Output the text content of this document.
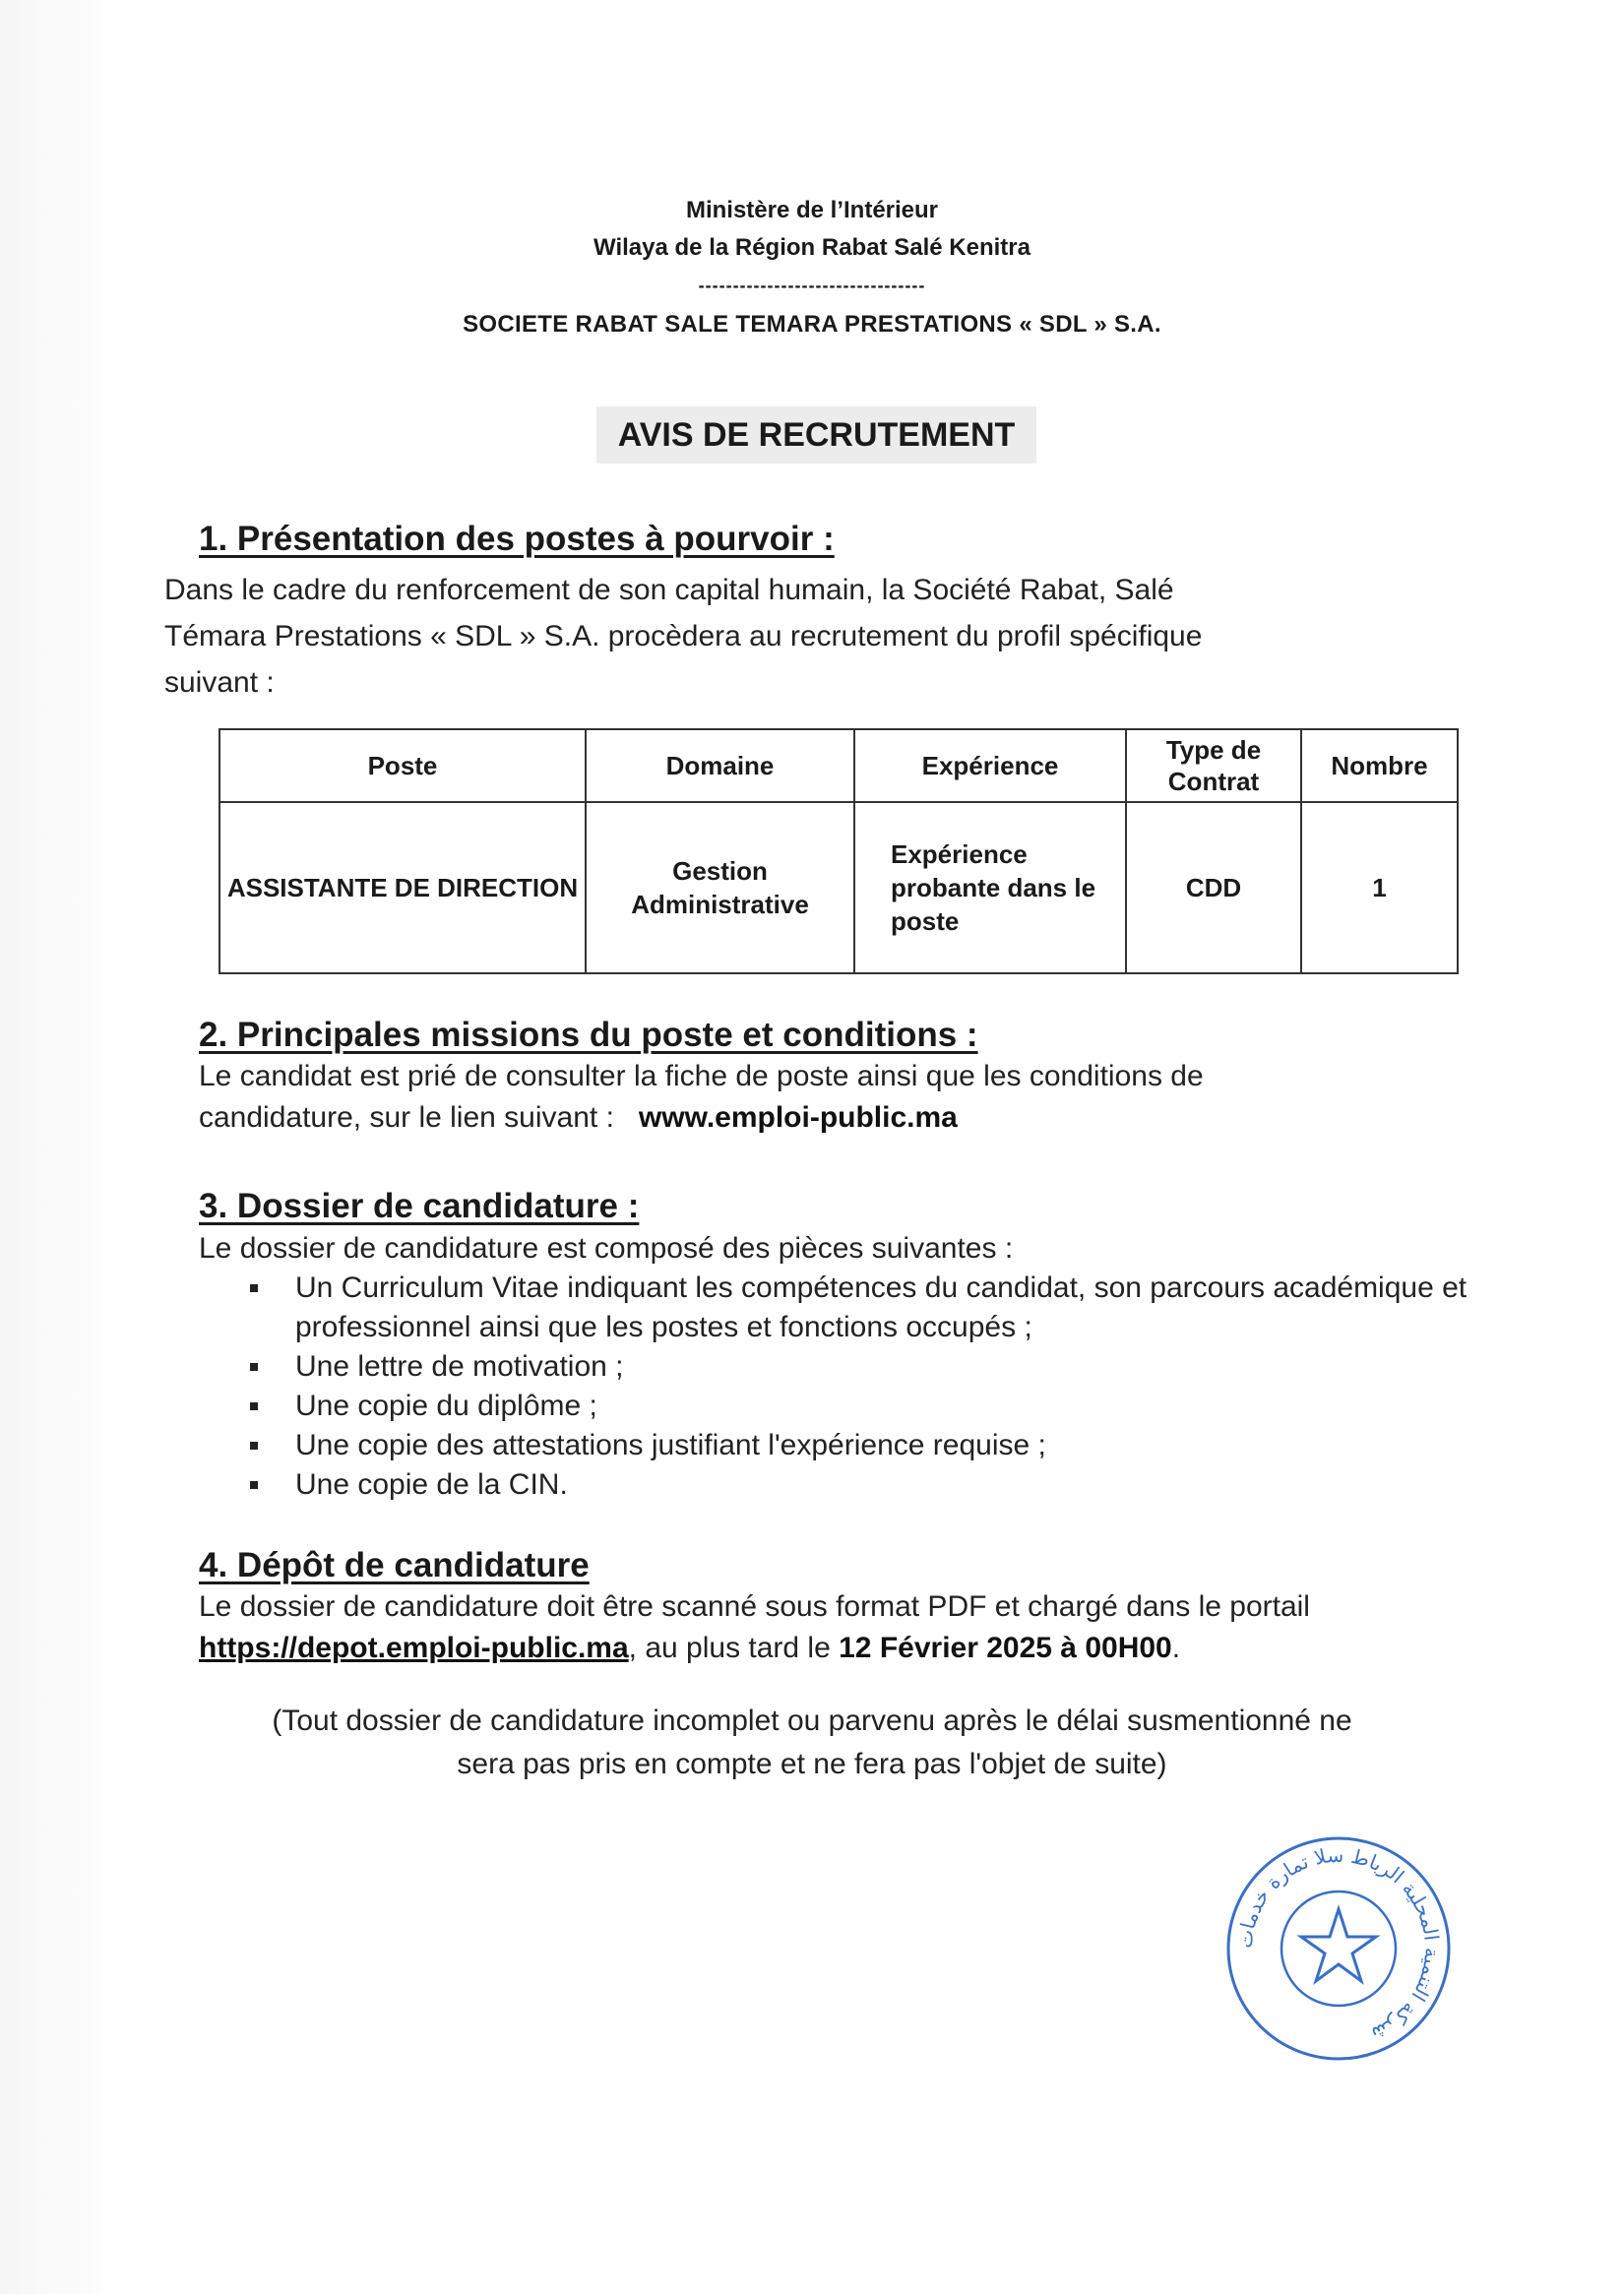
Ministère de l’Intérieur
Wilaya de la Région Rabat Salé Kenitra
---------------------------------
SOCIETE RABAT SALE TEMARA PRESTATIONS « SDL » S.A.
AVIS DE RECRUTEMENT
1. Présentation des postes à pourvoir :
Dans le cadre du renforcement de son capital humain, la Société Rabat, Salé
Témara Prestations « SDL » S.A. procèdera au recrutement du profil spécifique
suivant :
Poste	Domaine	Expérience	Type de Contrat	Nombre
ASSISTANTE DE DIRECTION	Gestion Administrative	Expérience probante dans le poste	CDD	1
2. Principales missions du poste et conditions :
Le candidat est prié de consulter la fiche de poste ainsi que les conditions de
candidature, sur le lien suivant : www.emploi-public.ma
3. Dossier de candidature :
Le dossier de candidature est composé des pièces suivantes :
Un Curriculum Vitae indiquant les compétences du candidat, son parcours académique et professionnel ainsi que les postes et fonctions occupés ;
Une lettre de motivation ;
Une copie du diplôme ;
Une copie des attestations justifiant l'expérience requise ;
Une copie de la CIN.
4. Dépôt de candidature
Le dossier de candidature doit être scanné sous format PDF et chargé dans le portail
https://depot.emploi-public.ma, au plus tard le 12 Février 2025 à 00H00.
(Tout dossier de candidature incomplet ou parvenu après le délai susmentionné ne
sera pas pris en compte et ne fera pas l'objet de suite)
شركة التنمية المحلية الرباط سلا تمارة خدمات
